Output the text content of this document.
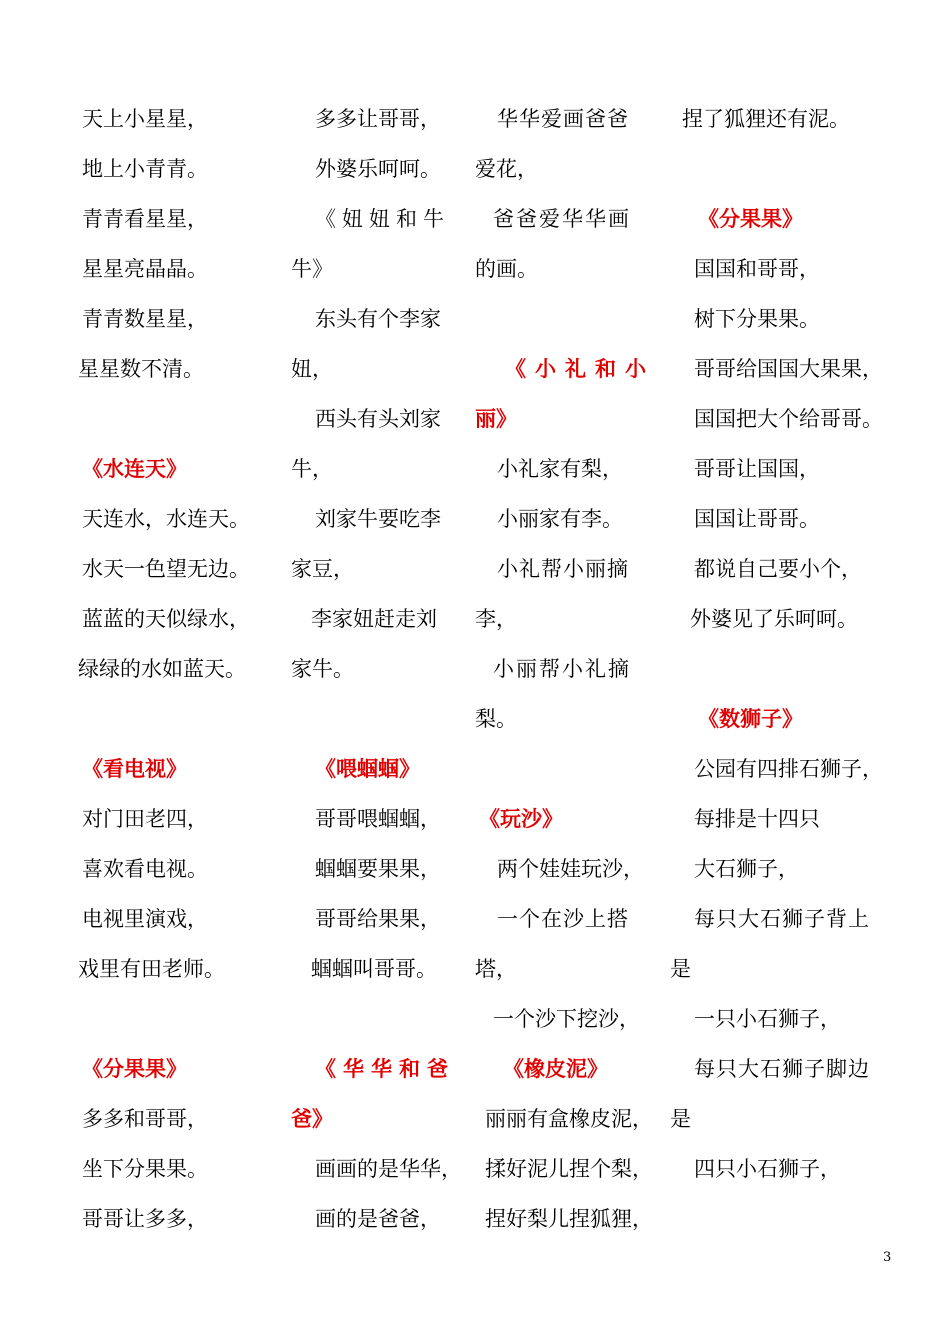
天上小星星，
地上小青青。
青青看星星，
星星亮晶晶。
青青数星星，
星星数不清。
《水连天》
天连水，水连天。
水天一色望无边。
蓝蓝的天似绿水，
绿绿的水如蓝天。
《看电视》
对门田老四，
喜欢看电视。
电视里演戏，
戏里有田老师。
《分果果》
多多和哥哥，
坐下分果果。
哥哥让多多，
多多让哥哥，
外婆乐呵呵。
《妞妞和牛
牛》
东头有个李家
妞，
西头有头刘家
牛，
刘家牛要吃李
家豆，
李家妞赶走刘
家牛。
《喂蝈蝈》
哥哥喂蝈蝈，
蝈蝈要果果，
哥哥给果果，
蝈蝈叫哥哥。
《华华和爸
爸》
画画的是华华，
画的是爸爸，
华华爱画爸爸
爱花，
爸爸爱华华画
的画。
《小礼和小
丽》
小礼家有梨，
小丽家有李。
小礼帮小丽摘
李，
小丽帮小礼摘
梨。
《玩沙》
两个娃娃玩沙，
一个在沙上搭
塔，
一个沙下挖沙，
《橡皮泥》
丽丽有盒橡皮泥，
揉好泥儿捏个梨，
捏好梨儿捏狐狸，
捏了狐狸还有泥。
《分果果》
国国和哥哥，
树下分果果。
哥哥给国国大果果，
国国把大个给哥哥。
哥哥让国国，
国国让哥哥。
都说自己要小个，
外婆见了乐呵呵。
《数狮子》
公园有四排石狮子，
每排是十四只
大石狮子，
每只大石狮子背上
是
一只小石狮子，
每只大石狮子脚边
是
四只小石狮子，
3
